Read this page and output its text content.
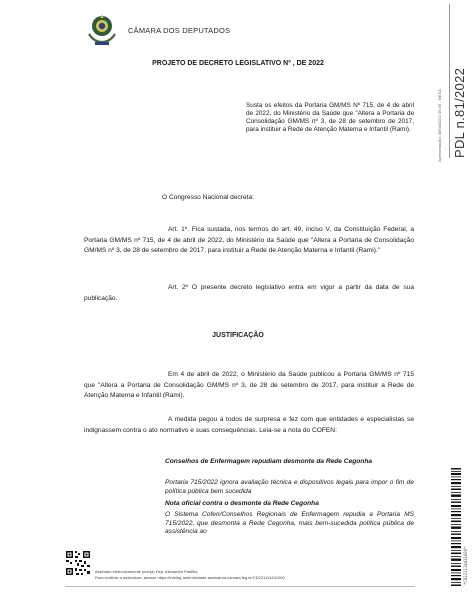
CÂMARA DOS DEPUTADOS
PROJETO DE DECRETO LEGISLATIVO Nº , DE 2022
Susta os efeitos da Portaria GM/MS Nº 715, de 4 de abril de 2022, do Ministério da Saúde que "Altera a Portaria de Consolidação GM/MS nº 3, de 28 de setembro de 2017, para instituir a Rede de Atenção Materna e Infantil (Rami).
O Congresso Nacional decreta:
Art. 1º. Fica sustada, nos termos do art. 49, inciso V, da Constituição Federal, a Portaria GM/MS nº 715, de 4 de abril de 2022, do Ministério da Saúde que "Altera a Portaria de Consolidação GM/MS nº 3, de 28 de setembro de 2017, para instituir a Rede de Atenção Materna e Infantil (Rami)."
Art. 2º O presente decreto legislativo entra em vigor a partir da data de sua publicação.
JUSTIFICAÇÃO
Em 4 de abril de 2022, o Ministério da Saúde publicou a Portaria GM/MS nº 715 que "Altera a Portaria de Consolidação GM/MS nº 3, de 28 de setembro de 2017, para instituir a Rede de Atenção Materna e Infantil (Rami).
A medida pegou a todos de surpresa e fez com que entidades e especialistas se indignassem contra o ato normativo e suas consequências. Leia-se a nota do COFEN:
Conselhos de Enfermagem repudiam desmonte da Rede Cegonha
Portaria 715/2022 ignora avaliação técnica e dispositivos legais para impor o fim de política pública bem sucedida
Nota oficial contra o desmonte da Rede Cegonha
O Sistema Cofen/Conselhos Regionais de Enfermagem repudia a Portaria MS 715/2022, que desmonta a Rede Cegonha, mais bem-sucedida política pública de assistência ao
Apresentação: 08/04/2022 09:35 - MESA PDL n.81/2022
*CD221114431000*
Assinado eletronicamente pelo(a) Dep. Alexandre Padilha
Para verificar a assinatura, acesse https://infoleg-autenticidade-assinatura.camara.leg.br/CD221114431000
